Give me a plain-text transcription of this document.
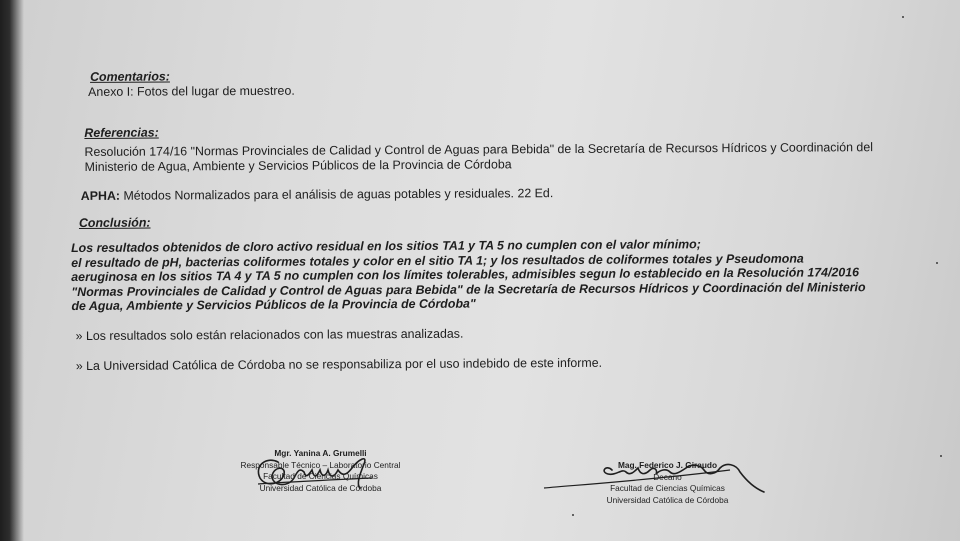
Comentarios:

Anexo I: Fotos del lugar de muestreo.

Referencias:

Resolución 174/16 "Normas Provinciales de Calidad y Control de Aguas para Bebida" de la Secretaría de Recursos Hídricos y Coordinación del

Ministerio de Agua, Ambiente y Servicios Públicos de la Provincia de Córdoba

APHA: Métodos Normalizados para el análisis de aguas potables y residuales. 22 Ed.

Conclusión:

Los resultados obtenidos de cloro activo residual en los sitios TA1 y TA 5 no cumplen con el valor mínimo;

el resultado de pH, bacterias coliformes totales y color en el sitio TA 1; y los resultados de coliformes totales y Pseudomona

aeruginosa en los sitios TA 4 y TA 5 no cumplen con los límites tolerables, admisibles segun lo establecido en la Resolución 174/2016

"Normas Provinciales de Calidad y Control de Aguas para Bebida" de la Secretaría de Recursos Hídricos y Coordinación del Ministerio

de Agua, Ambiente y Servicios Públicos de la Provincia de Córdoba"

» Los resultados solo están relacionados con las muestras analizadas.

» La Universidad Católica de Córdoba no se responsabiliza por el uso indebido de este informe.

Mgr. Yanina A. Grumelli
Responsable Técnico – Laboratorio Central
Facultad de Ciencias Químicas
Universidad Católica de Córdoba
Mag. Federico J. Giraudo
Decano
Facultad de Ciencias Químicas
Universidad Católica de Córdoba
